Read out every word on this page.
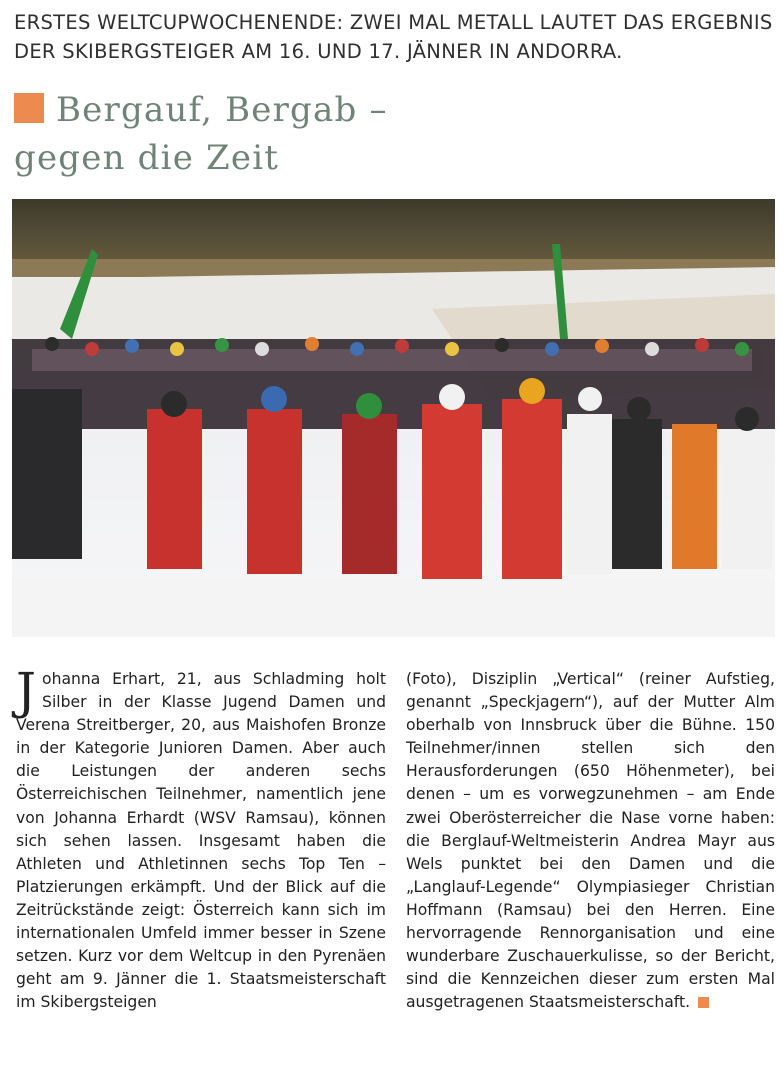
ERSTES WELTCUPWOCHENENDE: ZWEI MAL METALL LAUTET DAS ERGEBNIS DER SKIBERGSTEIGER AM 16. UND 17. JÄNNER IN ANDORRA.
Bergauf, Bergab –
gegen die Zeit
Johanna Erhart, 21, aus Schladming holt Silber in der Klasse Jugend Damen und Verena Streitberger, 20, aus Maishofen Bronze in der Kategorie Junioren Damen. Aber auch die Leistungen der anderen sechs Österreichischen Teilnehmer, namentlich jene von Johanna Erhardt (WSV Ramsau), können sich sehen lassen. Insgesamt haben die Athleten und Athletinnen sechs Top Ten – Platzierungen erkämpft. Und der Blick auf die Zeitrückstände zeigt: Österreich kann sich im internationalen Umfeld immer besser in Szene setzen. Kurz vor dem Weltcup in den Pyrenäen geht am 9. Jänner die 1. Staatsmeisterschaft im Skibergsteigen
(Foto), Disziplin „Vertical“ (reiner Aufstieg, genannt „Speckjagern“), auf der Mutter Alm oberhalb von Innsbruck über die Bühne. 150 Teilnehmer/innen stellen sich den Herausforderungen (650 Höhenmeter), bei denen – um es vorwegzunehmen – am Ende zwei Oberösterreicher die Nase vorne haben: die Berglauf-Weltmeisterin Andrea Mayr aus Wels punktet bei den Damen und die „Langlauf-Legende“ Olympiasieger Christian Hoffmann (Ramsau) bei den Herren. Eine hervorragende Rennorganisation und eine wunderbare Zuschauerkulisse, so der Bericht, sind die Kennzeichen dieser zum ersten Mal ausgetragenen Staatsmeisterschaft.
